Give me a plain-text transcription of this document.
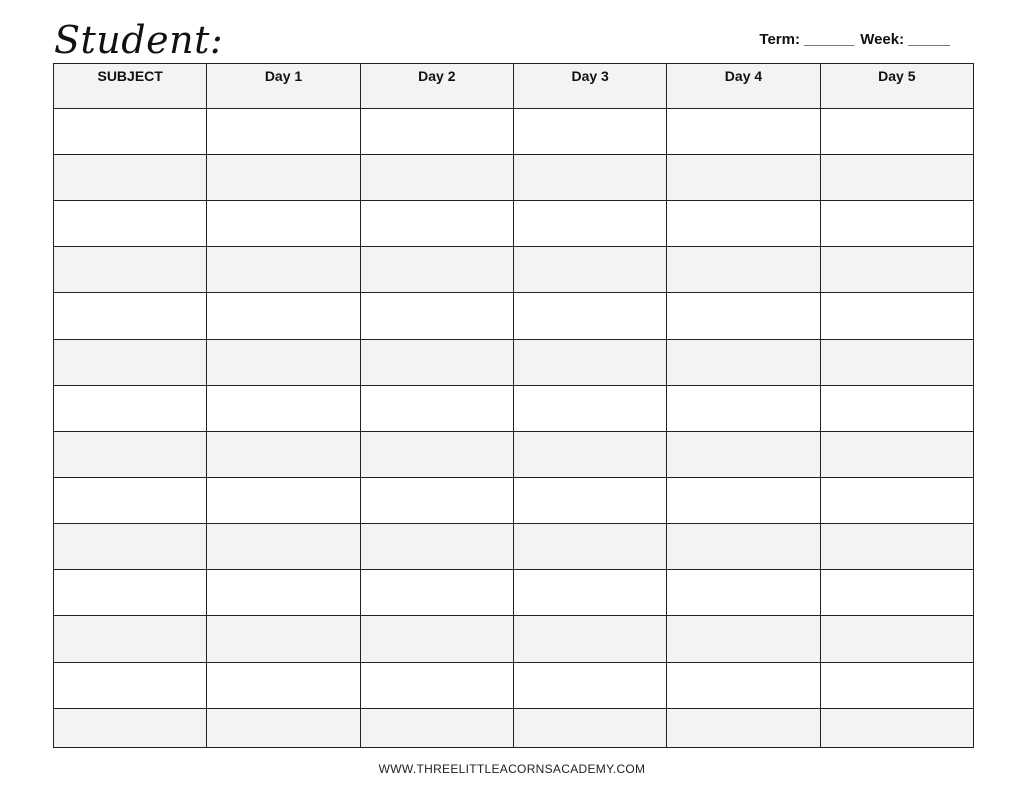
Student:	Term: ______ Week: _____
SUBJECT	Day 1	Day 2	Day 3	Day 4	Day 5

WWW.THREELITTLEACORNSACADEMY.COM
